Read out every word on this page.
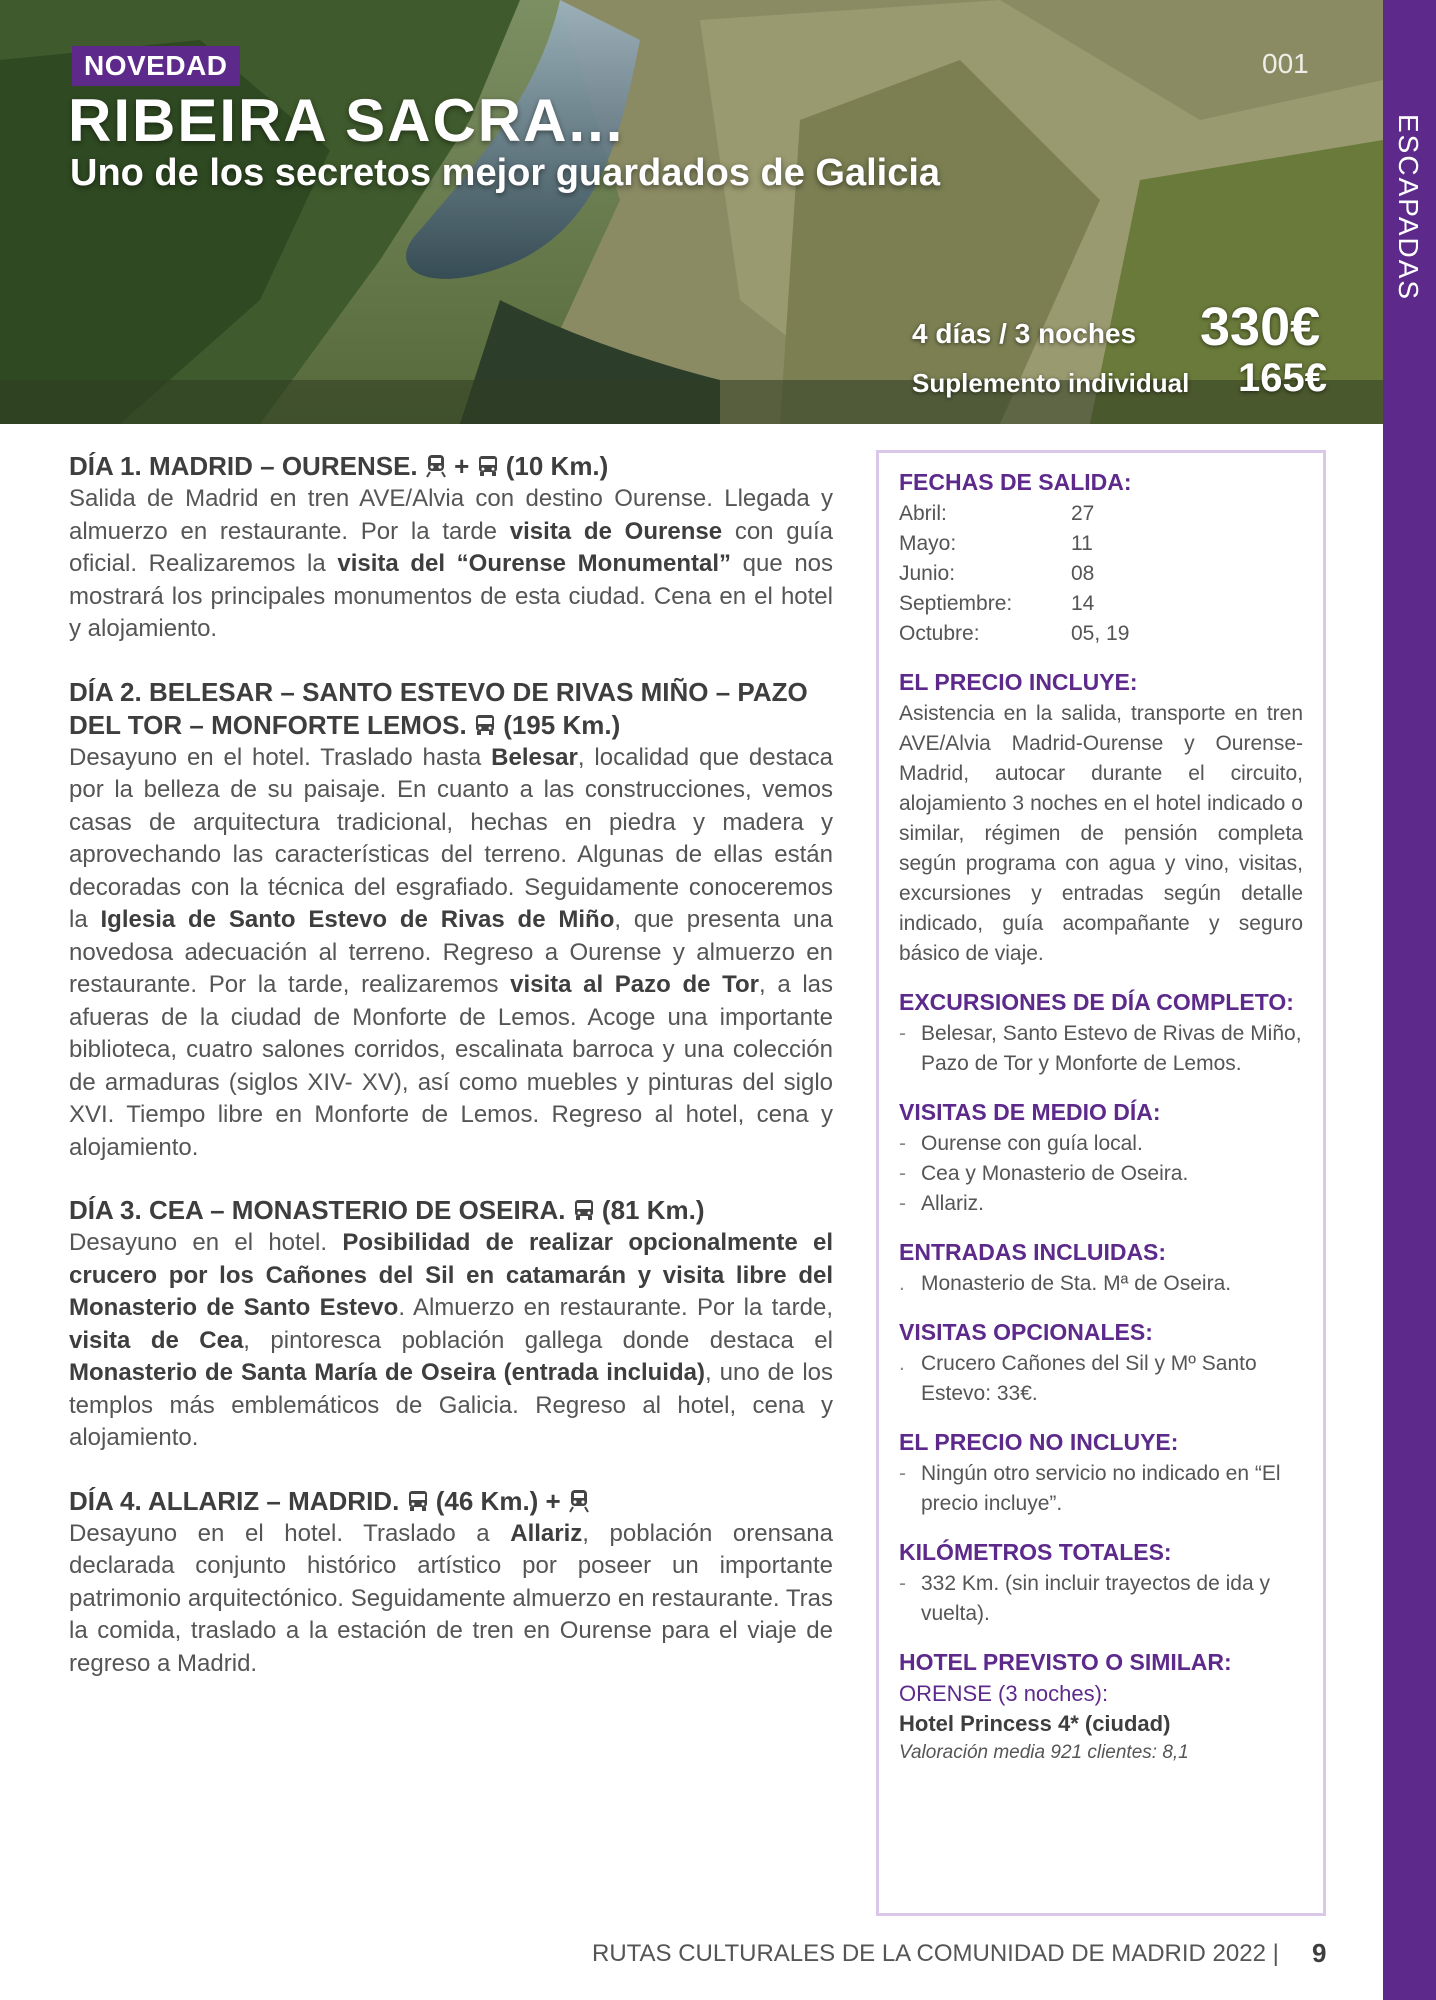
NOVEDAD
RIBEIRA SACRA...
Uno de los secretos mejor guardados de Galicia
001
4 días / 3 noches 330€
Suplemento individual 165€
ESCAPADAS
DÍA 1. MADRID – OURENSE.  +  (10 Km.)

Salida de Madrid en tren AVE/Alvia con destino Ourense. Llegada y almuerzo en restaurante. Por la tarde visita de Ourense con guía oficial. Realizaremos la visita del “Ourense Monumental” que nos mostrará los principales monumentos de esta ciudad. Cena en el hotel y alojamiento.

DÍA 2. BELESAR – SANTO ESTEVO DE RIVAS MIÑO – PAZO DEL TOR – MONFORTE LEMOS.  (195 Km.)

Desayuno en el hotel. Traslado hasta Belesar, localidad que destaca por la belleza de su paisaje. En cuanto a las construcciones, vemos casas de arquitectura tradicional, hechas en piedra y madera y aprovechando las características del terreno. Algunas de ellas están decoradas con la técnica del esgrafiado. Seguidamente conoceremos la Iglesia de Santo Estevo de Rivas de Miño, que presenta una novedosa adecuación al terreno. Regreso a Ourense y almuerzo en restaurante. Por la tarde, realizaremos visita al Pazo de Tor, a las afueras de la ciudad de Monforte de Lemos. Acoge una importante biblioteca, cuatro salones corridos, escalinata barroca y una colección de armaduras (siglos XIV- XV), así como muebles y pinturas del siglo XVI. Tiempo libre en Monforte de Lemos. Regreso al hotel, cena y alojamiento.

DÍA 3. CEA – MONASTERIO DE OSEIRA.  (81 Km.)

Desayuno en el hotel. Posibilidad de realizar opcionalmente el crucero por los Cañones del Sil en catamarán y visita libre del Monasterio de Santo Estevo. Almuerzo en restaurante. Por la tarde, visita de Cea, pintoresca población gallega donde destaca el Monasterio de Santa María de Oseira (entrada incluida), uno de los templos más emblemáticos de Galicia. Regreso al hotel, cena y alojamiento.

DÍA 4. ALLARIZ – MADRID.  (46 Km.) +

Desayuno en el hotel. Traslado a Allariz, población orensana declarada conjunto histórico artístico por poseer un importante patrimonio arquitectónico. Seguidamente almuerzo en restaurante. Tras la comida, traslado a la estación de tren en Ourense para el viaje de regreso a Madrid.

FECHAS DE SALIDA:
Abril:	27
Mayo:	11
Junio:	08
Septiembre:	14
Octubre:	05, 19
EL PRECIO INCLUYE:
Asistencia en la salida, transporte en tren AVE/Alvia Madrid-Ourense y Ourense-Madrid, autocar durante el circuito, alojamiento 3 noches en el hotel indicado o similar, régimen de pensión completa según programa con agua y vino, visitas, excursiones y entradas según detalle indicado, guía acompañante y seguro básico de viaje.
EXCURSIONES DE DÍA COMPLETO:
- Belesar, Santo Estevo de Rivas de Miño, Pazo de Tor y Monforte de Lemos.
VISITAS DE MEDIO DÍA:
- Ourense con guía local.
- Cea y Monasterio de Oseira.
- Allariz.
ENTRADAS INCLUIDAS:
. Monasterio de Sta. Mª de Oseira.
VISITAS OPCIONALES:
. Crucero Cañones del Sil y Mº Santo Estevo: 33€.
EL PRECIO NO INCLUYE:
- Ningún otro servicio no indicado en “El precio incluye”.
KILÓMETROS TOTALES:
- 332 Km. (sin incluir trayectos de ida y vuelta).
HOTEL PREVISTO O SIMILAR:
ORENSE (3 noches):
Hotel Princess 4* (ciudad)
Valoración media 921 clientes: 8,1
RUTAS CULTURALES DE LA COMUNIDAD DE MADRID 2022 | 9
